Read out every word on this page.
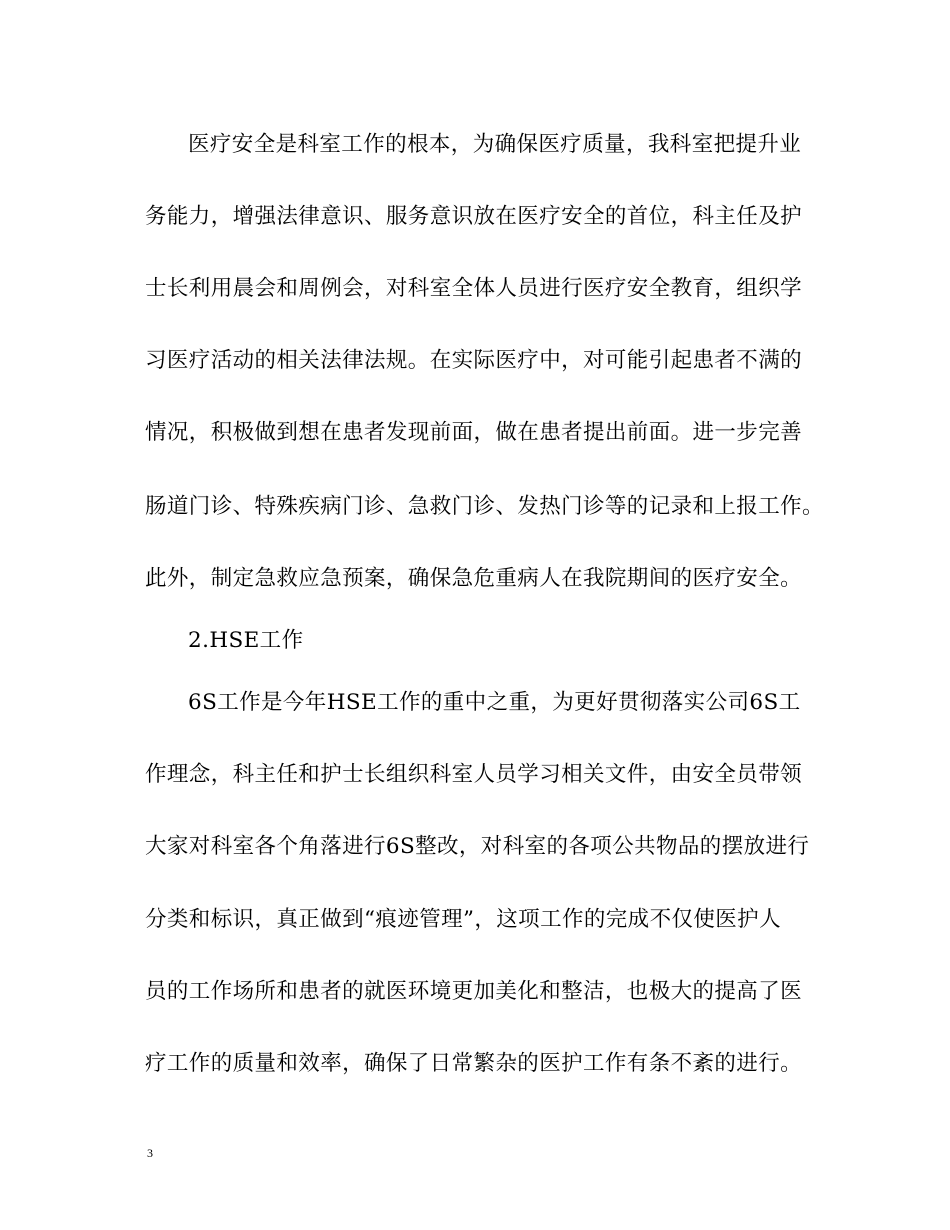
医疗安全是科室工作的根本，为确保医疗质量，我科室把提升业
务能力，增强法律意识、服务意识放在医疗安全的首位，科主任及护
士长利用晨会和周例会，对科室全体人员进行医疗安全教育，组织学
习医疗活动的相关法律法规。在实际医疗中，对可能引起患者不满的
情况，积极做到想在患者发现前面，做在患者提出前面。进一步完善
肠道门诊、特殊疾病门诊、急救门诊、发热门诊等的记录和上报工作。
此外，制定急救应急预案，确保急危重病人在我院期间的医疗安全。
2.HSE工作
6S工作是今年HSE工作的重中之重，为更好贯彻落实公司6S工
作理念，科主任和护士长组织科室人员学习相关文件，由安全员带领
大家对科室各个角落进行6S整改，对科室的各项公共物品的摆放进行
分类和标识，真正做到“痕迹管理”，这项工作的完成不仅使医护人
员的工作场所和患者的就医环境更加美化和整洁，也极大的提高了医
疗工作的质量和效率，确保了日常繁杂的医护工作有条不紊的进行。
3
